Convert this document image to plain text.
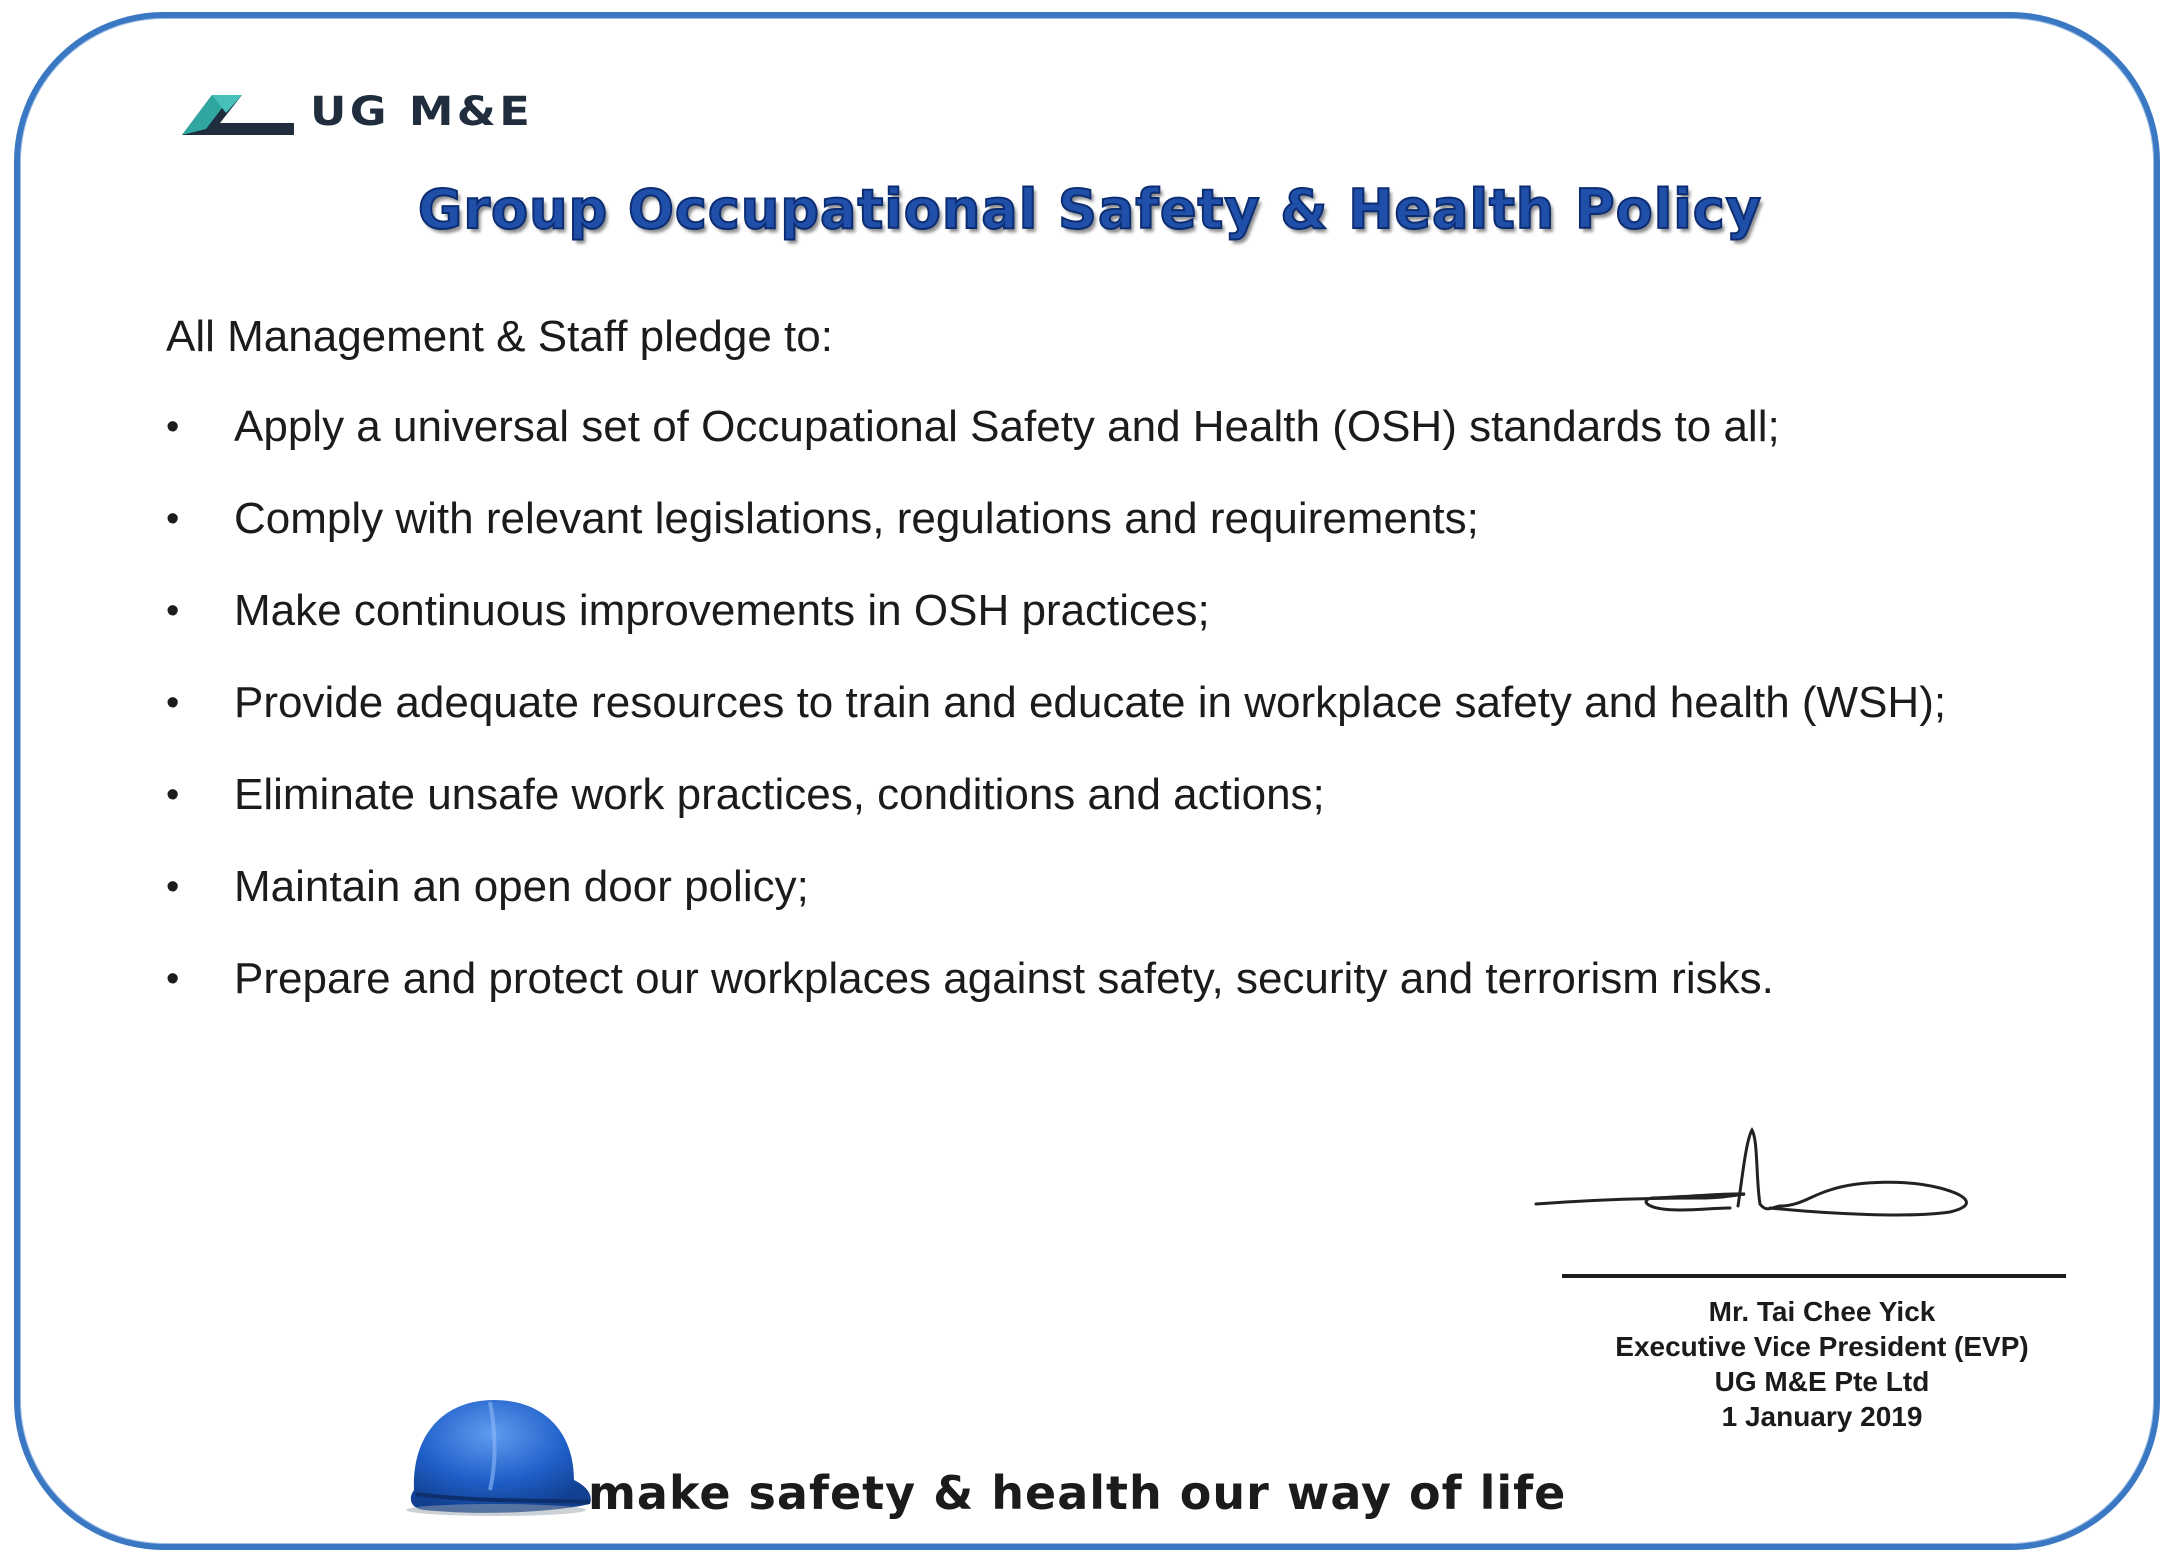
UG M&E
Group Occupational Safety & Health Policy
All Management & Staff pledge to:
• Apply a universal set of Occupational Safety and Health (OSH) standards to all;
• Comply with relevant legislations, regulations and requirements;
• Make continuous improvements in OSH practices;
• Provide adequate resources to train and educate in workplace safety and health (WSH);
• Eliminate unsafe work practices, conditions and actions;
• Maintain an open door policy;
• Prepare and protect our workplaces against safety, security and terrorism risks.
Mr. Tai Chee Yick
Executive Vice President (EVP)
UG M&E Pte Ltd
1 January 2019
make safety & health our way of life
